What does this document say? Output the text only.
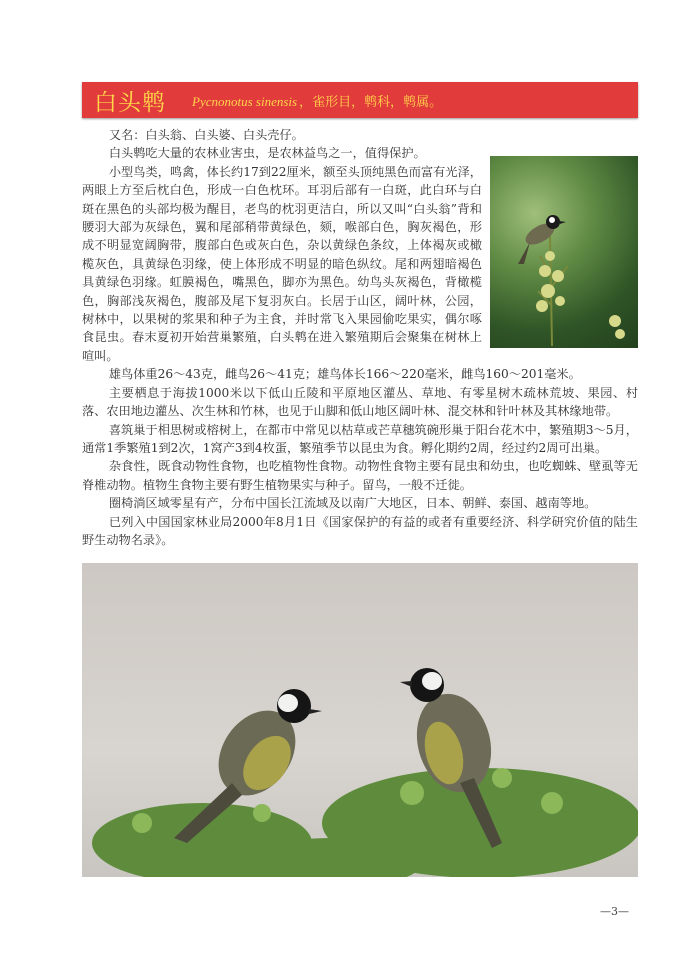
白头鹎 Pycnonotus sinensis ，雀形目，鹎科，鹎属。

又名：白头翁、白头婆、白头壳仔。

白头鹎吃大量的农林业害虫，是农林益鸟之一，值得保护。

小型鸟类，鸣禽，体长约17到22厘米，额至头顶纯黑色而富有光泽，两眼上方至后枕白色，形成一白色枕环。耳羽后部有一白斑，此白环与白斑在黑色的头部均极为醒目，老鸟的枕羽更洁白，所以又叫“白头翁”背和腰羽大部为灰绿色，翼和尾部稍带黄绿色，颏，喉部白色，胸灰褐色，形成不明显宽阔胸带，腹部白色或灰白色，杂以黄绿色条纹，上体褐灰或橄榄灰色，具黄绿色羽缘，使上体形成不明显的暗色纵纹。尾和两翅暗褐色具黄绿色羽缘。虹膜褐色，嘴黑色，脚亦为黑色。幼鸟头灰褐色，背橄榄色，胸部浅灰褐色，腹部及尾下复羽灰白。长居于山区，阔叶林，公园，树林中，以果树的浆果和种子为主食，并时常飞入果园偷吃果实，偶尔啄食昆虫。春末夏初开始营巢繁殖，白头鹎在进入繁殖期后会聚集在树林上喧叫。

雄鸟体重26～43克，雌鸟26～41克；雄鸟体长166～220毫米，雌鸟160～201毫米。

主要栖息于海拔1000米以下低山丘陵和平原地区灌丛、草地、有零星树木疏林荒坡、果园、村落、农田地边灌丛、次生林和竹林，也见于山脚和低山地区阔叶林、混交林和针叶林及其林缘地带。

喜筑巢于相思树或榕树上，在都市中常见以枯草或芒草穗筑碗形巢于阳台花木中，繁殖期3～5月，通常1季繁殖1到2次，1窝产3到4枚蛋，繁殖季节以昆虫为食。孵化期约2周，经过约2周可出巢。

杂食性，既食动物性食物，也吃植物性食物。动物性食物主要有昆虫和幼虫，也吃蜘蛛、壁虱等无脊椎动物。植物生食物主要有野生植物果实与种子。留鸟，一般不迁徙。

圈椅淌区域零星有产，分布中国长江流域及以南广大地区，日本、朝鲜、泰国、越南等地。

已列入中国国家林业局2000年8月1日《国家保护的有益的或者有重要经济、科学研究价值的陆生野生动物名录》。

—3—
